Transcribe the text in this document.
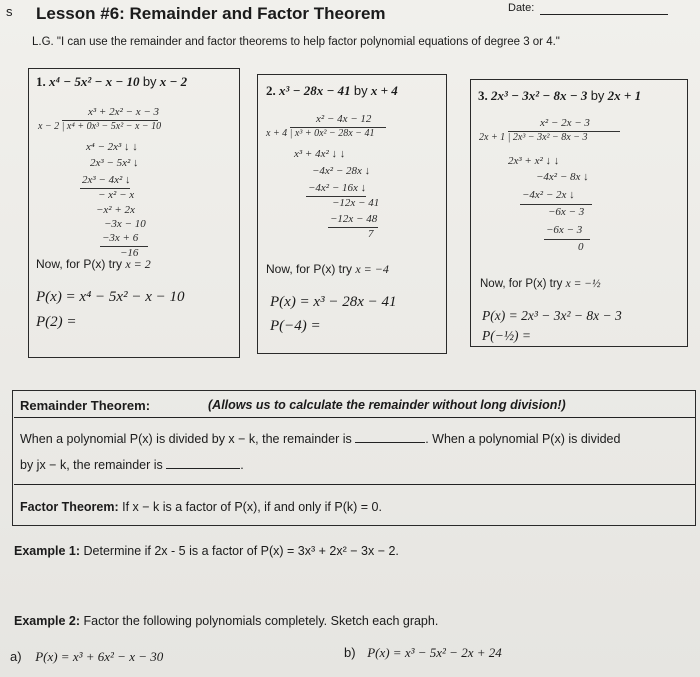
s Lesson #6: Remainder and Factor Theorem	Date:
L.G. "I can use the remainder and factor theorems to help factor polynomial equations of degree 3 or 4."
1. x⁴ − 5x² − x − 10 by x − 2
x³ + 2x² − x − 3
x − 2 | x⁴ + 0x³ − 5x² − x − 10
x⁴ − 2x³ ↓ ↓
2x³ − 5x² ↓
2x³ − 4x² ↓
− x² − x
−x² + 2x
−3x − 10
−3x + 6
−16
Now, for P(x) try x = 2
P(x) = x⁴ − 5x² − x − 10
P(2) =
2. x³ − 28x − 41 by x + 4
x² − 4x − 12
x + 4 | x³ + 0x² − 28x − 41
x³ + 4x² ↓ ↓
−4x² − 28x ↓
−4x² − 16x ↓
−12x − 41
−12x − 48
7
Now, for P(x) try x = −4
P(x) = x³ − 28x − 41
P(−4) =
3. 2x³ − 3x² − 8x − 3 by 2x + 1
x² − 2x − 3
2x + 1 | 2x³ − 3x² − 8x − 3
2x³ + x² ↓ ↓
−4x² − 8x ↓
−4x² − 2x ↓
−6x − 3
−6x − 3
0
Now, for P(x) try x = −½
P(x) = 2x³ − 3x² − 8x − 3
P(−½) =
Remainder Theorem:	(Allows us to calculate the remainder without long division!)
When a polynomial P(x) is divided by x − k, the remainder is	. When a polynomial P(x) is divided
by jx − k, the remainder is	.
Factor Theorem: If x − k is a factor of P(x), if and only if P(k) = 0.
Example 1: Determine if 2x - 5 is a factor of P(x) = 3x³ + 2x² − 3x − 2.
Example 2: Factor the following polynomials completely. Sketch each graph.
a) P(x) = x³ + 6x² − x − 30	b) P(x) = x³ − 5x² − 2x + 24
